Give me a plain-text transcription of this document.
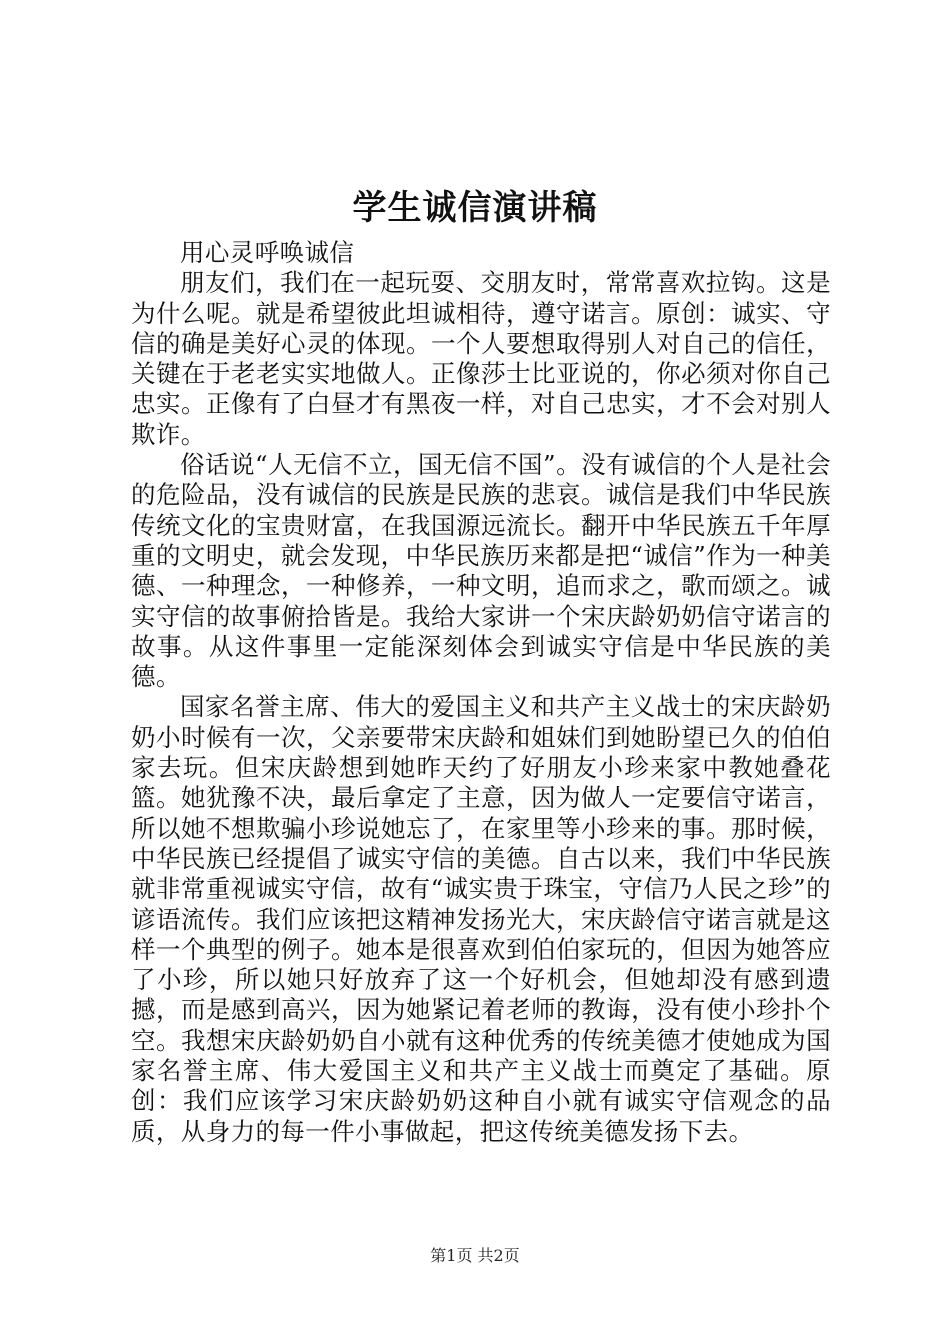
学生诚信演讲稿

用心灵呼唤诚信

朋友们，我们在一起玩耍、交朋友时，常常喜欢拉钩。这是为什么呢。就是希望彼此坦诚相待，遵守诺言。原创：诚实、守信的确是美好心灵的体现。一个人要想取得别人对自己的信任，关键在于老老实实地做人。正像莎士比亚说的，你必须对你自己忠实。正像有了白昼才有黑夜一样，对自己忠实，才不会对别人欺诈。

俗话说“人无信不立，国无信不国”。没有诚信的个人是社会的危险品，没有诚信的民族是民族的悲哀。诚信是我们中华民族传统文化的宝贵财富，在我国源远流长。翻开中华民族五千年厚重的文明史，就会发现，中华民族历来都是把“诚信”作为一种美德、一种理念，一种修养，一种文明，追而求之，歌而颂之。诚实守信的故事俯拾皆是。我给大家讲一个宋庆龄奶奶信守诺言的故事。从这件事里一定能深刻体会到诚实守信是中华民族的美德。

国家名誉主席、伟大的爱国主义和共产主义战士的宋庆龄奶奶小时候有一次，父亲要带宋庆龄和姐妹们到她盼望已久的伯伯家去玩。但宋庆龄想到她昨天约了好朋友小珍来家中教她叠花篮。她犹豫不决，最后拿定了主意，因为做人一定要信守诺言，所以她不想欺骗小珍说她忘了，在家里等小珍来的事。那时候，中华民族已经提倡了诚实守信的美德。自古以来，我们中华民族就非常重视诚实守信，故有“诚实贵于珠宝，守信乃人民之珍”的谚语流传。我们应该把这精神发扬光大，宋庆龄信守诺言就是这样一个典型的例子。她本是很喜欢到伯伯家玩的，但因为她答应了小珍，所以她只好放弃了这一个好机会，但她却没有感到遗撼，而是感到高兴，因为她紧记着老师的教诲，没有使小珍扑个空。我想宋庆龄奶奶自小就有这种优秀的传统美德才使她成为国家名誉主席、伟大爱国主义和共产主义战士而奠定了基础。原创：我们应该学习宋庆龄奶奶这种自小就有诚实守信观念的品质，从身力的每一件小事做起，把这传统美德发扬下去。

第1页 共2页
